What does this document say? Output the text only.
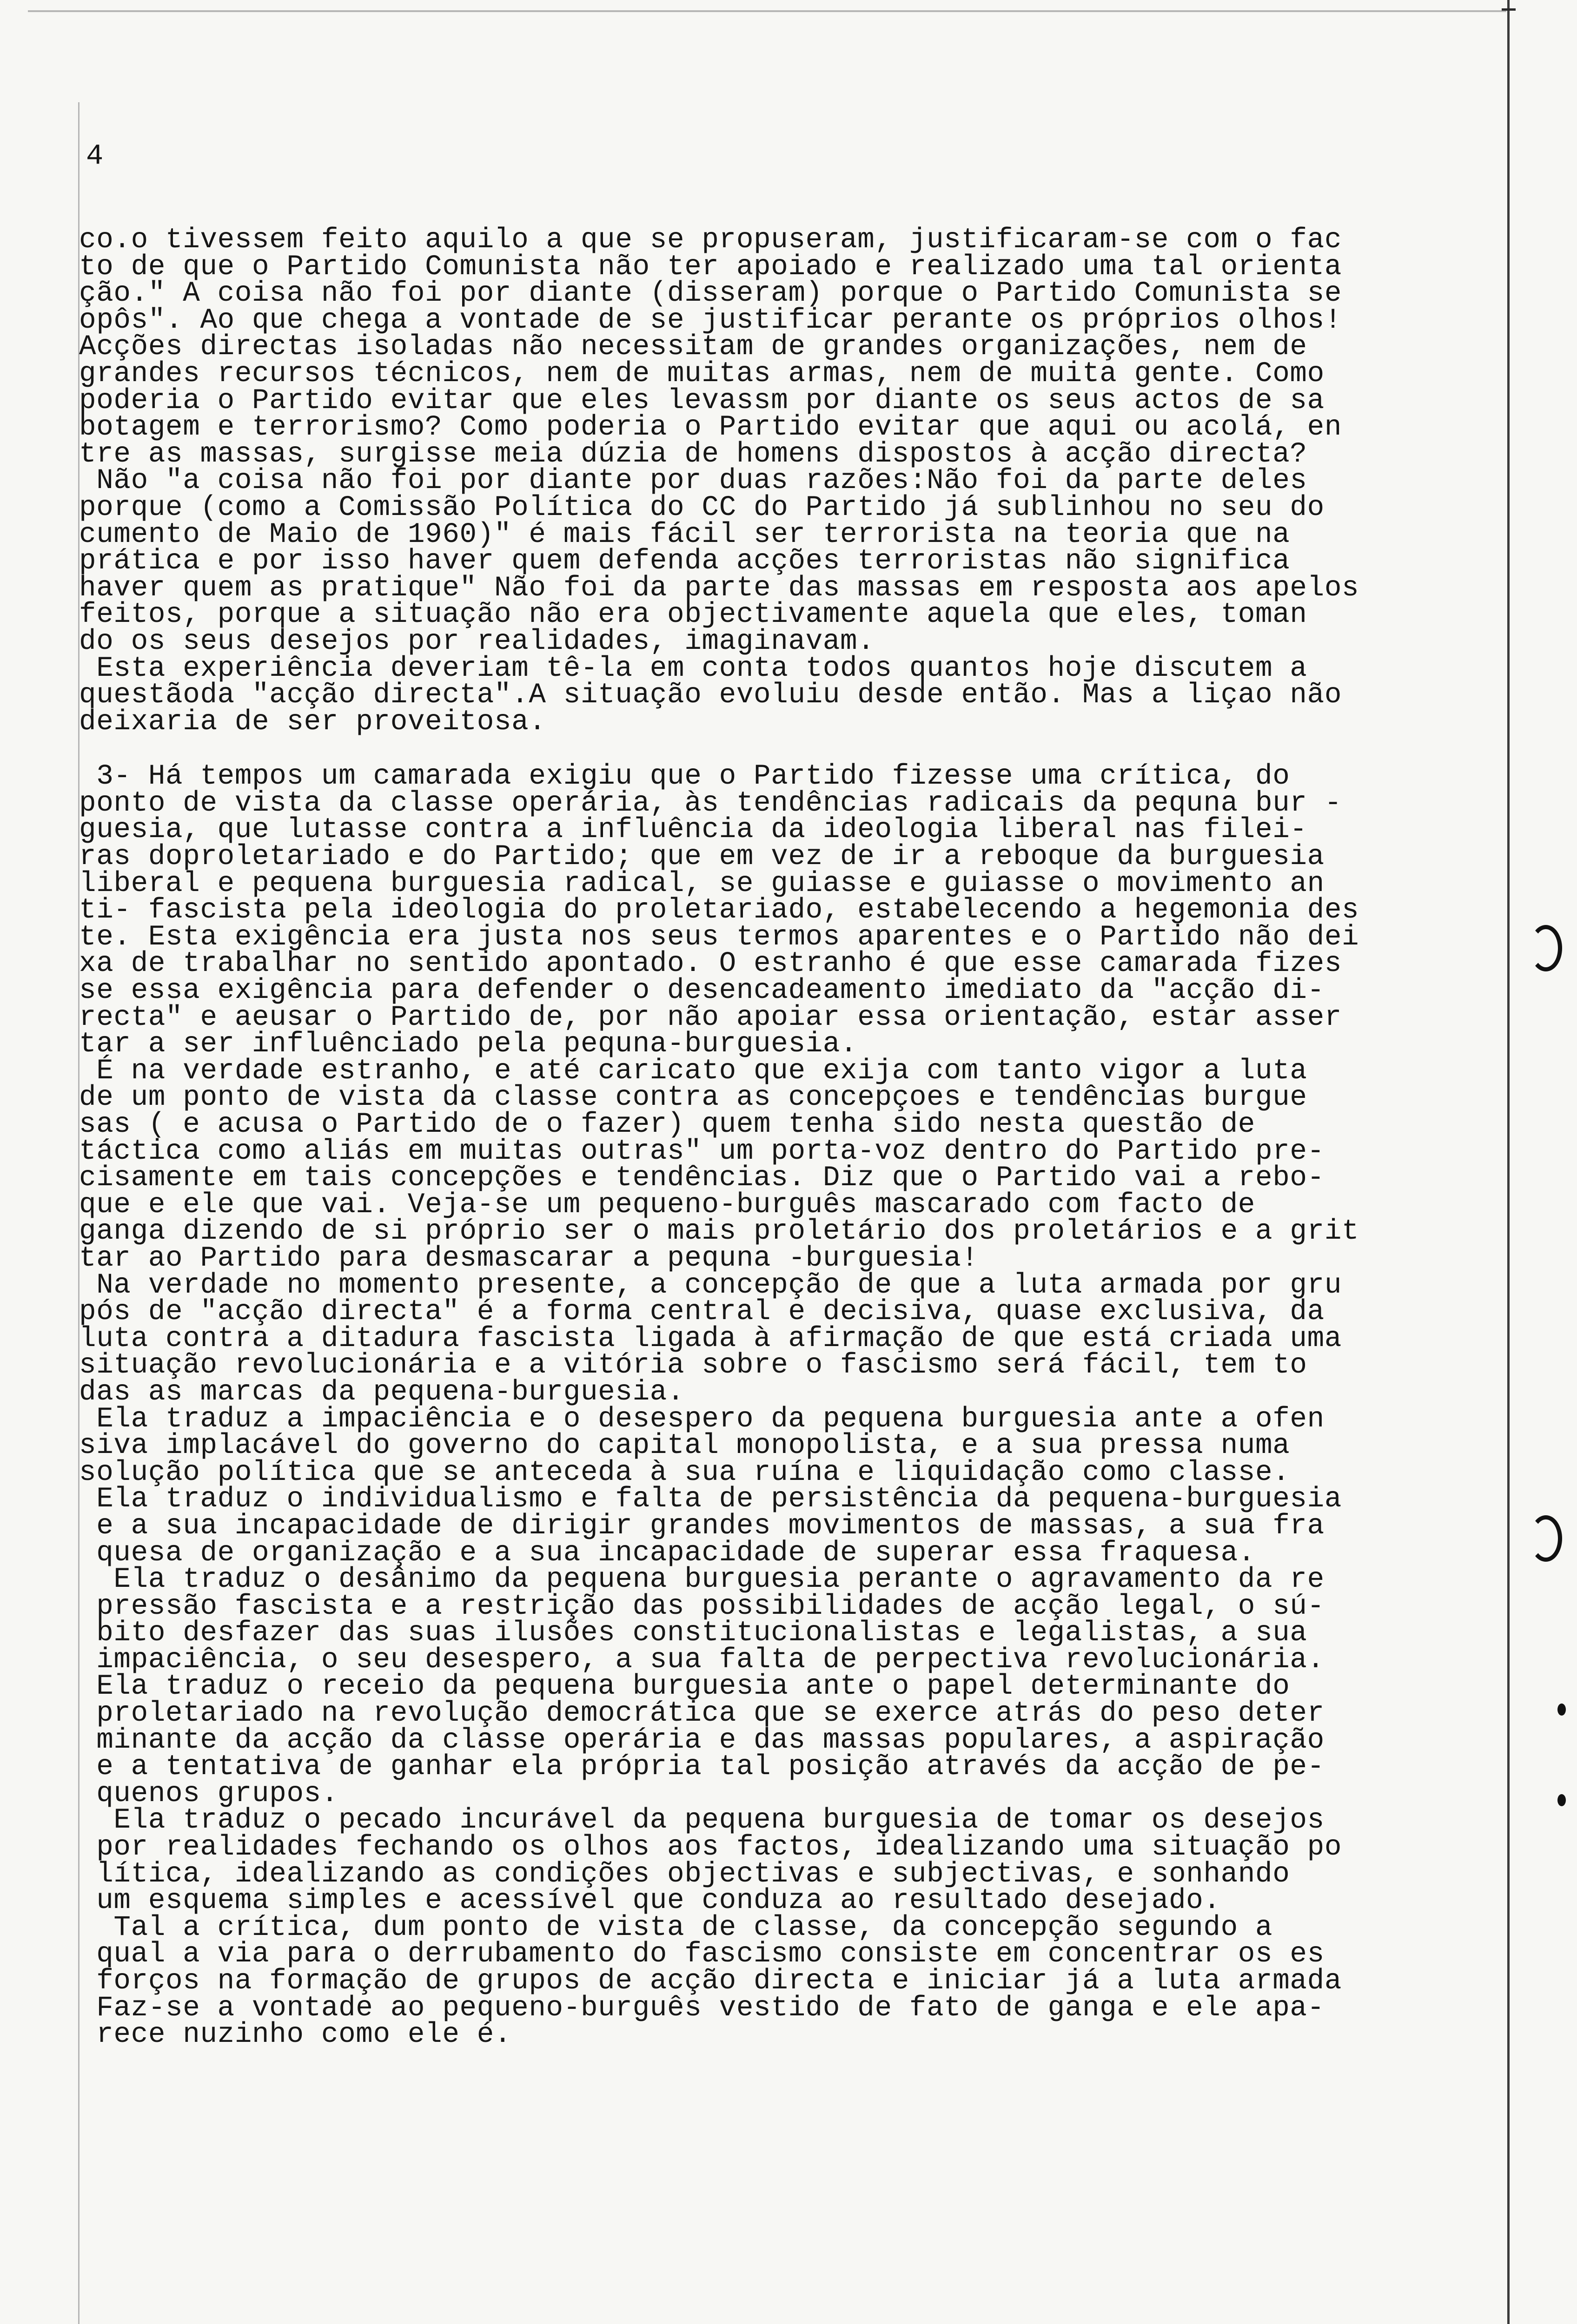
4
co.o tivessem feito aquilo a que se propuseram, justificaram-se com o fac
to de que o Partido Comunista não ter apoiado e realizado uma tal orienta
ção." A coisa não foi por diante (disseram) porque o Partido Comunista se
opôs". Ao que chega a vontade de se justificar perante os próprios olhos!
Acções directas isoladas não necessitam de grandes organizações, nem de
grandes recursos técnicos, nem de muitas armas, nem de muita gente. Como
poderia o Partido evitar que eles levassm por diante os seus actos de sa
botagem e terrorismo? Como poderia o Partido evitar que aqui ou acolá, en
tre as massas, surgisse meia dúzia de homens dispostos à acção directa?
Não "a coisa não foi por diante por duas razões:Não foi da parte deles
porque (como a Comissão Política do CC do Partido já sublinhou no seu do
cumento de Maio de 1960)" é mais fácil ser terrorista na teoria que na
prática e por isso haver quem defenda acções terroristas não significa
haver quem as pratique" Não foi da parte das massas em resposta aos apelos
feitos, porque a situação não era objectivamente aquela que eles, toman
do os seus desejos por realidades, imaginavam.
Esta experiência deveriam tê-la em conta todos quantos hoje discutem a
questãoda "acção directa".A situação evoluiu desde então. Mas a liçao não
deixaria de ser proveitosa.
3- Há tempos um camarada exigiu que o Partido fizesse uma crítica, do
ponto de vista da classe operária, às tendências radicais da pequna bur -
guesia, que lutasse contra a influência da ideologia liberal nas filei-
ras doproletariado e do Partido; que em vez de ir a reboque da burguesia
liberal e pequena burguesia radical, se guiasse e guiasse o movimento an
ti- fascista pela ideologia do proletariado, estabelecendo a hegemonia des
te. Esta exigência era justa nos seus termos aparentes e o Partido não dei
xa de trabalhar no sentido apontado. O estranho é que esse camarada fizes
se essa exigência para defender o desencadeamento imediato da "acção di-
recta" e aeusar o Partido de, por não apoiar essa orientação, estar asser
tar a ser influênciado pela pequna-burguesia.
É na verdade estranho, e até caricato que exija com tanto vigor a luta
de um ponto de vista da classe contra as concepçoes e tendências burgue
sas ( e acusa o Partido de o fazer) quem tenha sido nesta questão de
táctica como aliás em muitas outras" um porta-voz dentro do Partido pre-
cisamente em tais concepções e tendências. Diz que o Partido vai a rebo-
que e ele que vai. Veja-se um pequeno-burguês mascarado com facto de
ganga dizendo de si próprio ser o mais proletário dos proletários e a grit
tar ao Partido para desmascarar a pequna -burguesia!
Na verdade no momento presente, a concepção de que a luta armada por gru
pós de "acção directa" é a forma central e decisiva, quase exclusiva, da
luta contra a ditadura fascista ligada à afirmação de que está criada uma
situação revolucionária e a vitória sobre o fascismo será fácil, tem to
das as marcas da pequena-burguesia.
Ela traduz a impaciência e o desespero da pequena burguesia ante a ofen
siva implacável do governo do capital monopolista, e a sua pressa numa
solução política que se anteceda à sua ruína e liquidação como classe.
Ela traduz o individualismo e falta de persistência da pequena-burguesia
e a sua incapacidade de dirigir grandes movimentos de massas, a sua fra
quesa de organização e a sua incapacidade de superar essa fraquesa.
Ela traduz o desânimo da pequena burguesia perante o agravamento da re
pressão fascista e a restrição das possibilidades de acção legal, o sú-
bito desfazer das suas ilusões constitucionalistas e legalistas, a sua
impaciência, o seu desespero, a sua falta de perpectiva revolucionária.
Ela traduz o receio da pequena burguesia ante o papel determinante do
proletariado na revolução democrática que se exerce atrás do peso deter
minante da acção da classe operária e das massas populares, a aspiração
e a tentativa de ganhar ela própria tal posição através da acção de pe-
quenos grupos.
Ela traduz o pecado incurável da pequena burguesia de tomar os desejos
por realidades fechando os olhos aos factos, idealizando uma situação po
lítica, idealizando as condições objectivas e subjectivas, e sonhando
um esquema simples e acessível que conduza ao resultado desejado.
Tal a crítica, dum ponto de vista de classe, da concepção segundo a
qual a via para o derrubamento do fascismo consiste em concentrar os es
forços na formação de grupos de acção directa e iniciar já a luta armada
Faz-se a vontade ao pequeno-burguês vestido de fato de ganga e ele apa-
rece nuzinho como ele é.
